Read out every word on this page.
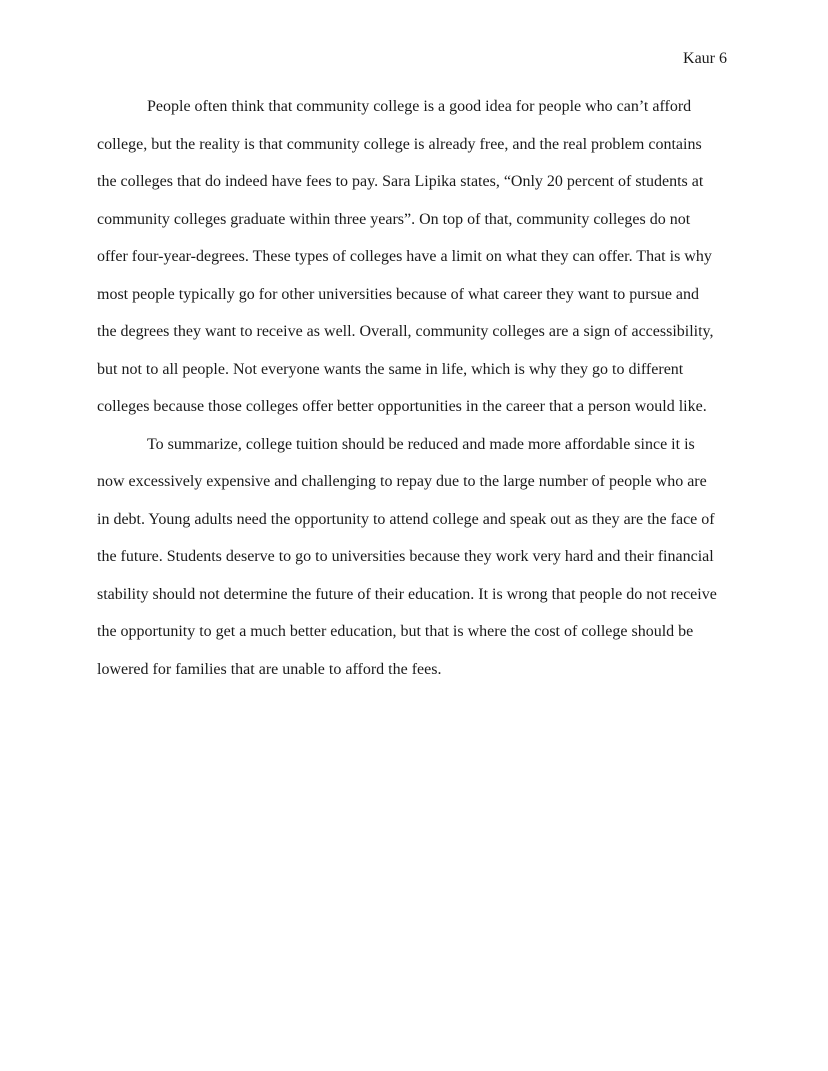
Kaur 6
People often think that community college is a good idea for people who can’t afford
college, but the reality is that community college is already free, and the real problem contains
the colleges that do indeed have fees to pay. Sara Lipika states, “Only 20 percent of students at
community colleges graduate within three years”. On top of that, community colleges do not
offer four-year-degrees. These types of colleges have a limit on what they can offer. That is why
most people typically go for other universities because of what career they want to pursue and
the degrees they want to receive as well. Overall, community colleges are a sign of accessibility,
but not to all people. Not everyone wants the same in life, which is why they go to different
colleges because those colleges offer better opportunities in the career that a person would like.
To summarize, college tuition should be reduced and made more affordable since it is
now excessively expensive and challenging to repay due to the large number of people who are
in debt. Young adults need the opportunity to attend college and speak out as they are the face of
the future. Students deserve to go to universities because they work very hard and their financial
stability should not determine the future of their education. It is wrong that people do not receive
the opportunity to get a much better education, but that is where the cost of college should be
lowered for families that are unable to afford the fees.
